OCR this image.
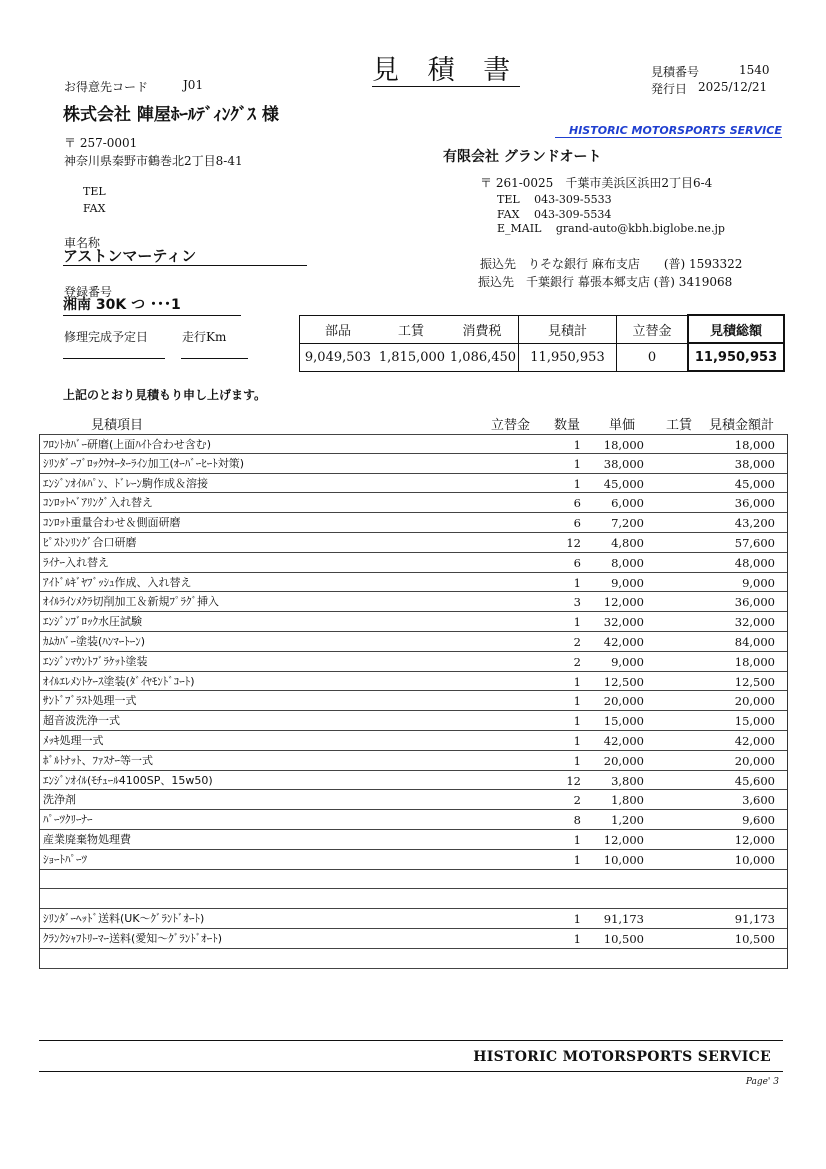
見 積 書
お得意先コード	J01
株式会社 陣屋ﾎｰﾙﾃﾞｨﾝｸﾞｽ 様
〒 257-0001
神奈川県秦野市鶴巻北2丁目8-41
TEL
FAX
見積番号	1540
発行日 2025/12/21
HISTORIC MOTORSPORTS SERVICE
有限会社 グランドオート
〒 261-0025　千葉市美浜区浜田2丁目6-4
TEL　 043-309-5533
FAX　 043-309-5534
E_MAIL　 grand-auto@kbh.biglobe.ne.jp
振込先　りそな銀行 麻布支店　　(普) 1593322
振込先　千葉銀行 幕張本郷支店 (普) 3419068
車名称
アストンマーティン
登録番号
湘南 30K つ ･･･1
修理完成予定日	走行Km	部品 工賃 消費税	見積計	立替金	見積総額

9,049,503 1,815,000 1,086,450	11,950,953	0	11,950,953
上記のとおり見積もり申し上げます。
見積項目	立替金 数量 単価 工賃 見積金額計
ﾌﾛﾝﾄｶﾊﾞｰ研磨(上面ﾊｲﾄ合わせ含む)	1 18,000	18,000
ｼﾘﾝﾀﾞｰﾌﾞﾛｯｸｳｵｰﾀｰﾗｲﾝ加工(ｵｰﾊﾞｰﾋｰﾄ対策)	1 38,000	38,000
ｴﾝｼﾞﾝｵｲﾙﾊﾟﾝ、ﾄﾞﾚｰﾝ駒作成＆溶接	1 45,000	45,000
ｺﾝﾛｯﾄﾍﾞｱﾘﾝｸﾞ入れ替え	6	6,000	36,000
ｺﾝﾛｯﾄ重量合わせ＆側面研磨	6	7,200	43,200
ﾋﾟｽﾄﾝﾘﾝｸﾞ合口研磨	12	4,800	57,600
ﾗｲﾅｰ入れ替え	6	8,000	48,000
ｱｲﾄﾞﾙｷﾞﾔﾌﾞｯｼｭ作成、入れ替え	1	9,000	9,000
ｵｲﾙﾗｲﾝﾒｸﾗ切削加工＆新規ﾌﾟﾗｸﾞ挿入	3 12,000	36,000
ｴﾝｼﾞﾝﾌﾞﾛｯｸ水圧試験	1 32,000	32,000
ｶﾑｶﾊﾞｰ塗装(ﾊﾝﾏｰﾄｰﾝ)	2 42,000	84,000
ｴﾝｼﾞﾝﾏｳﾝﾄﾌﾞﾗｹｯﾄ塗装	2	9,000	18,000
ｵｲﾙｴﾚﾒﾝﾄｹｰｽ塗装(ﾀﾞｲﾔﾓﾝﾄﾞｺｰﾄ)	1 12,500	12,500
ｻﾝﾄﾞﾌﾞﾗｽﾄ処理一式	1 20,000	20,000
超音波洗浄一式	1 15,000	15,000
ﾒｯｷ処理一式	1 42,000	42,000
ﾎﾞﾙﾄﾅｯﾄ、ﾌｧｽﾅｰ等一式	1 20,000	20,000
ｴﾝｼﾞﾝｵｲﾙ(ﾓﾁｭｰﾙ4100SP、15w50)	12	3,800	45,600
洗浄剤	2	1,800	3,600
ﾊﾟｰﾂｸﾘｰﾅｰ	8	1,200	9,600
産業廃棄物処理費	1 12,000	12,000
ｼｮｰﾄﾊﾟｰﾂ	1 10,000	10,000
ｼﾘﾝﾀﾞｰﾍｯﾄﾞ送料(UK～ｸﾞﾗﾝﾄﾞｵｰﾄ)	1 91,173	91,173
ｸﾗﾝｸｼｬﾌﾄﾘｰﾏｰ送料(愛知～ｸﾞﾗﾝﾄﾞｵｰﾄ)	1 10,500	10,500
HISTORIC MOTORSPORTS SERVICE
Page' 3
